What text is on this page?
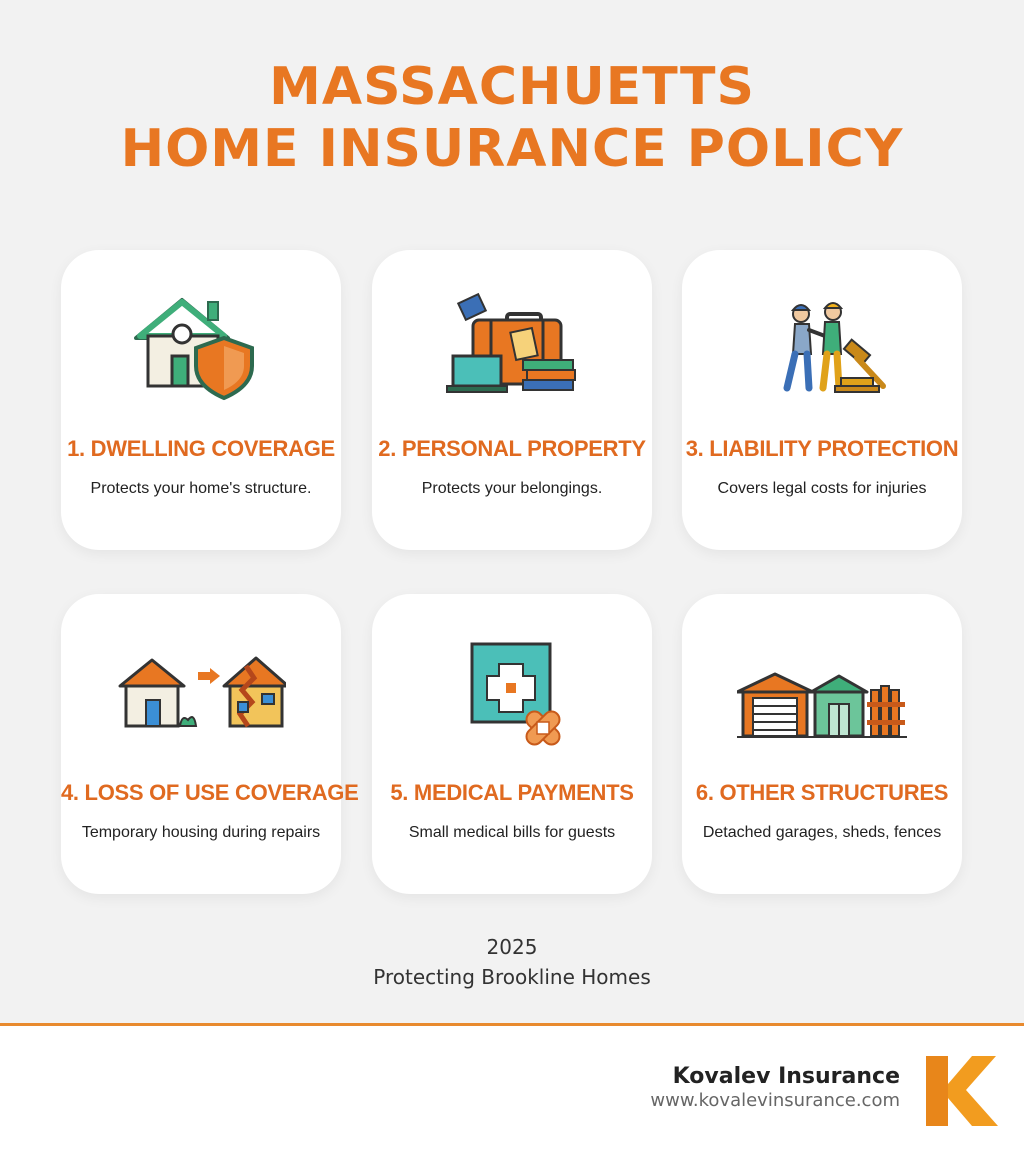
MASSACHUETTS
HOME INSURANCE POLICY
1. DWELLING COVERAGE
Protects your home's structure.
2. PERSONAL PROPERTY
Protects your belongings.
3. LIABILITY PROTECTION
Covers legal costs for injuries
4. LOSS OF USE COVERAGE
Temporary housing during repairs
5. MEDICAL PAYMENTS
Small medical bills for guests
6. OTHER STRUCTURES
Detached garages, sheds, fences
2025
Protecting Brookline Homes
Kovalev Insurance
www.kovalevinsurance.com
